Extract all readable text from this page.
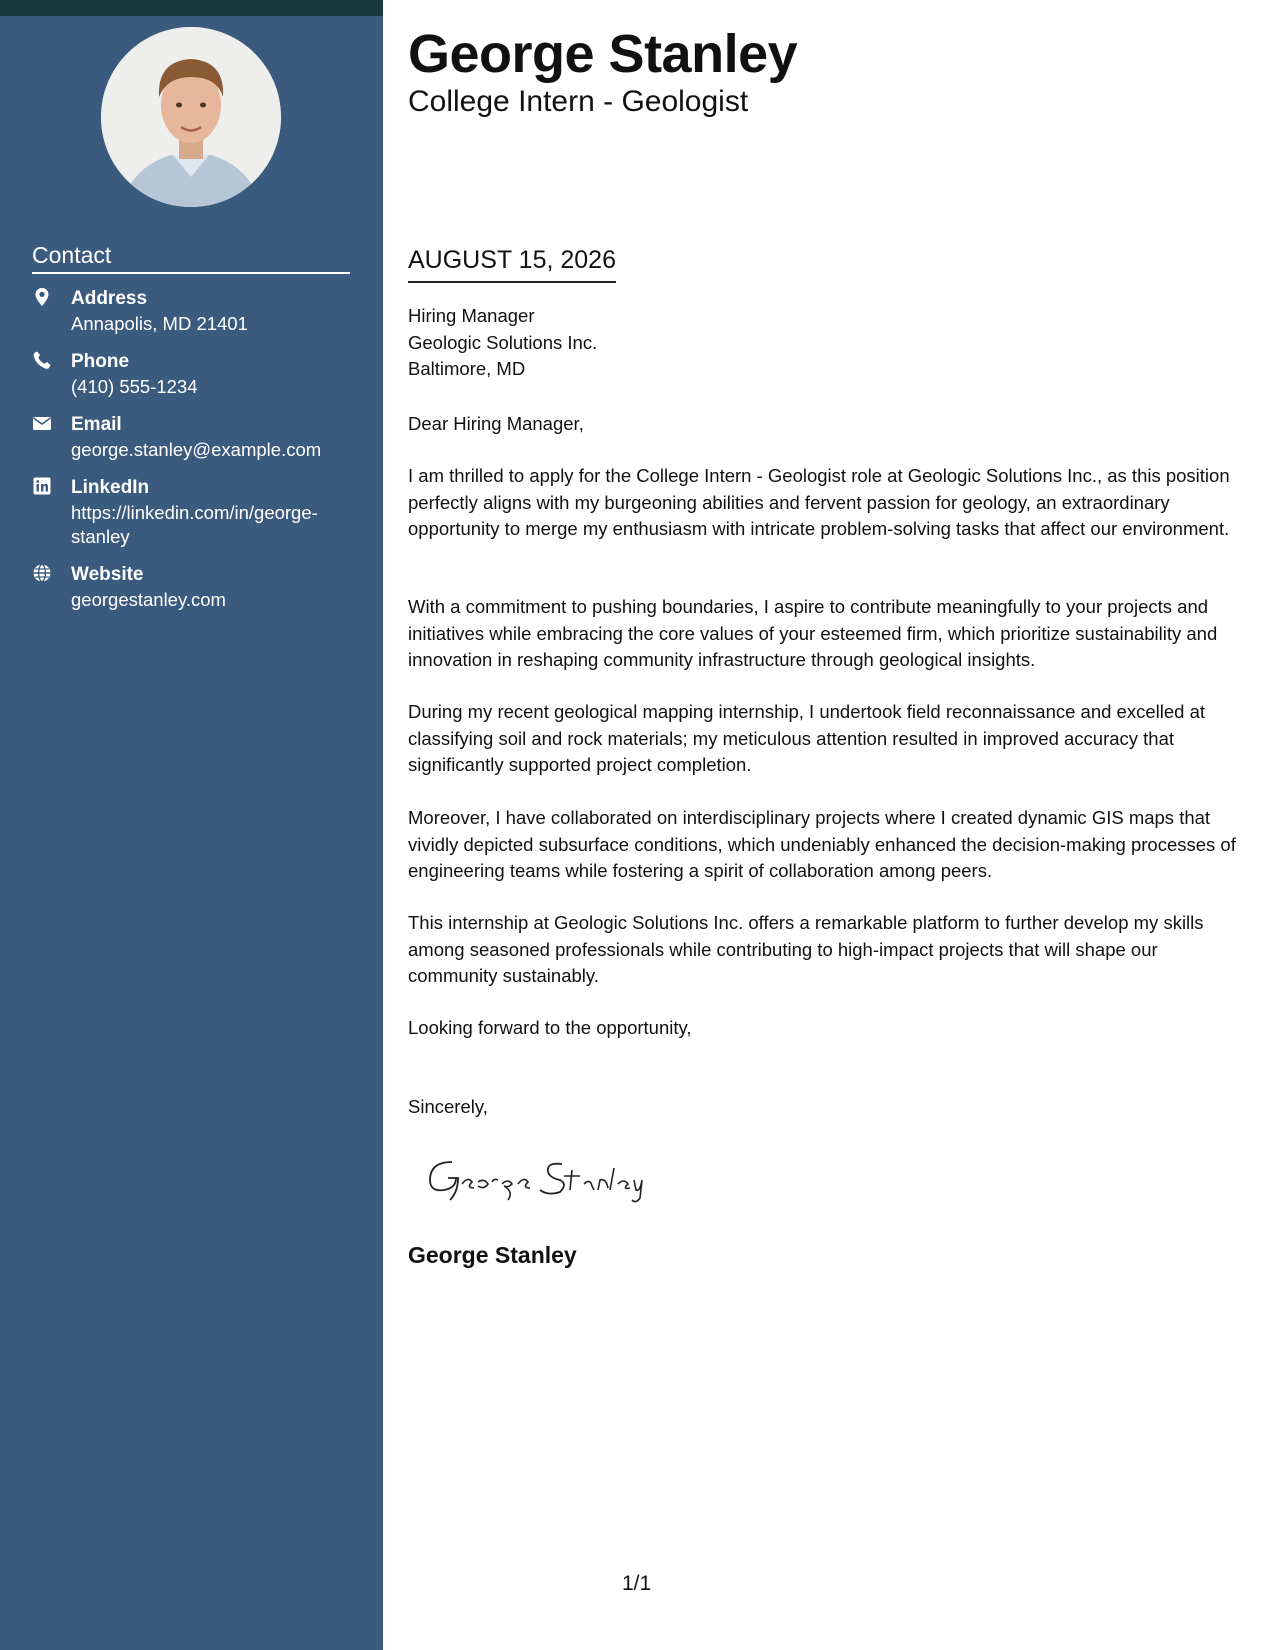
Contact
Address
Annapolis, MD 21401
Phone
(410) 555-1234
Email
george.stanley@example.com
LinkedIn
https://linkedin.com/in/george-stanley
Website
georgestanley.com
George Stanley
College Intern - Geologist
AUGUST 15, 2026
Hiring Manager
Geologic Solutions Inc.
Baltimore, MD
Dear Hiring Manager,
I am thrilled to apply for the College Intern - Geologist role at Geologic Solutions Inc., as this position perfectly aligns with my burgeoning abilities and fervent passion for geology, an extraordinary opportunity to merge my enthusiasm with intricate problem-solving tasks that affect our environment.
With a commitment to pushing boundaries, I aspire to contribute meaningfully to your projects and initiatives while embracing the core values of your esteemed firm, which prioritize sustainability and innovation in reshaping community infrastructure through geological insights.
During my recent geological mapping internship, I undertook field reconnaissance and excelled at classifying soil and rock materials; my meticulous attention resulted in improved accuracy that significantly supported project completion.
Moreover, I have collaborated on interdisciplinary projects where I created dynamic GIS maps that vividly depicted subsurface conditions, which undeniably enhanced the decision-making processes of engineering teams while fostering a spirit of collaboration among peers.
This internship at Geologic Solutions Inc. offers a remarkable platform to further develop my skills among seasoned professionals while contributing to high-impact projects that will shape our community sustainably.
Looking forward to the opportunity,
Sincerely,
George Stanley
1/1
